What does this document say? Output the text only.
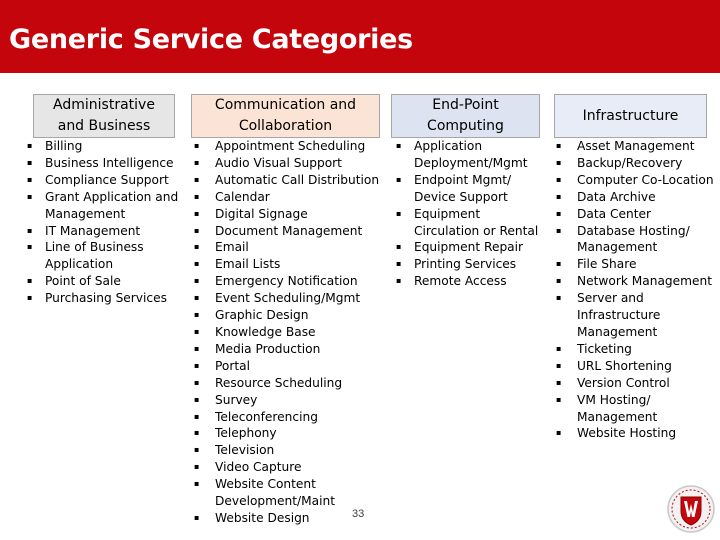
Generic Service Categories
Administrative
and Business
▪ Billing
▪ Business Intelligence
▪ Compliance Support
▪ Grant Application and
Management
▪ IT Management
▪ Line of Business
Application
▪ Point of Sale
▪ Purchasing Services
Communication and
Collaboration
▪ Appointment Scheduling
▪ Audio Visual Support
▪ Automatic Call Distribution
▪ Calendar
▪ Digital Signage
▪ Document Management
▪ Email
▪ Email Lists
▪ Emergency Notification
▪ Event Scheduling/Mgmt
▪ Graphic Design
▪ Knowledge Base
▪ Media Production
▪ Portal
▪ Resource Scheduling
▪ Survey
▪ Teleconferencing
▪ Telephony
▪ Television
▪ Video Capture
▪ Website Content
Development/Maint
▪ Website Design
End-Point
Computing
▪ Application
Deployment/Mgmt
▪ Endpoint Mgmt/
Device Support
▪ Equipment
Circulation or Rental
▪ Equipment Repair
▪ Printing Services
▪ Remote Access
Infrastructure
▪ Asset Management
▪ Backup/Recovery
▪ Computer Co-Location
▪ Data Archive
▪ Data Center
▪ Database Hosting/
Management
▪ File Share
▪ Network Management
▪ Server and
Infrastructure
Management
▪ Ticketing
▪ URL Shortening
▪ Version Control
▪ VM Hosting/
Management
▪ Website Hosting
33
